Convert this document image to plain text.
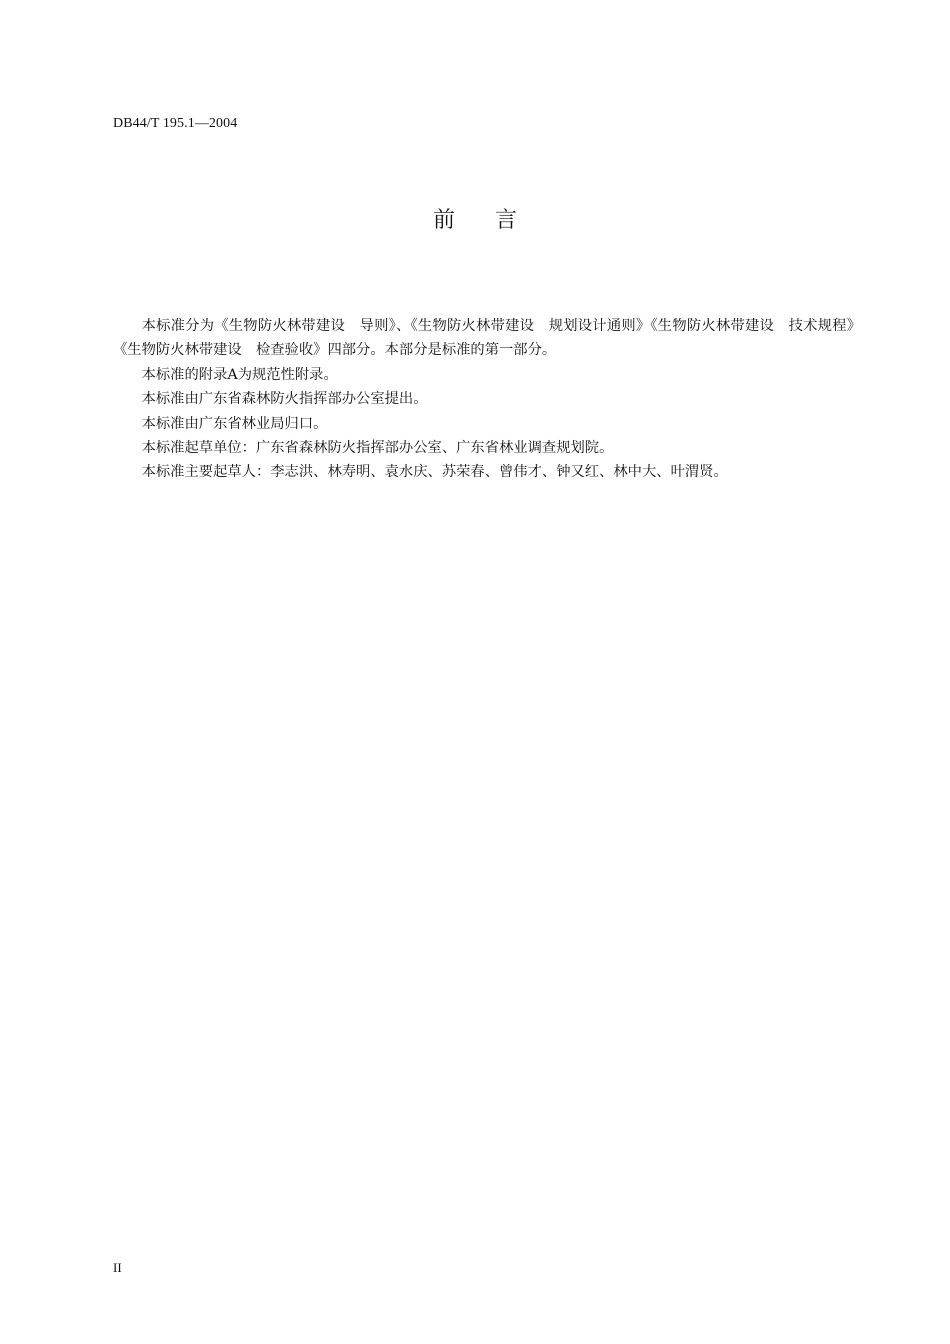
DB44/T 195.1—2004
前言

本标准分为《生物防火林带建设　导则》、《生物防火林带建设　规划设计通则》《生物防火林带建设　技术规程》《生物防火林带建设　检查验收》四部分。本部分是标准的第一部分。

本标准的附录A为规范性附录。

本标准由广东省森林防火指挥部办公室提出。

本标准由广东省林业局归口。

本标准起草单位：广东省森林防火指挥部办公室、广东省林业调查规划院。

本标准主要起草人：李志洪、林寿明、袁水庆、苏荣春、曾伟才、钟又红、林中大、叶渭贤。

II
